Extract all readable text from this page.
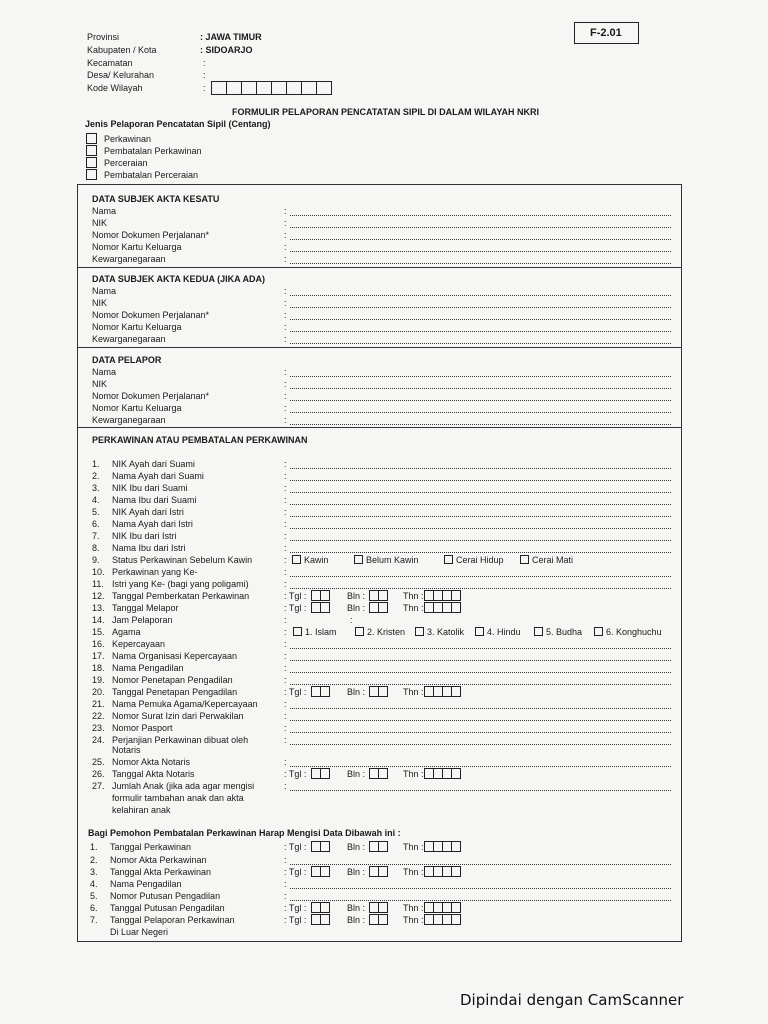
F-2.01
Provinsi	: JAWA TIMUR
Kabupaten / Kota	: SIDOARJO
Kecamatan	:
Desa/ Kelurahan	:
Kode Wilayah	:
FORMULIR PELAPORAN PENCATATAN SIPIL DI DALAM WILAYAH NKRI
Jenis Pelaporan Pencatatan Sipil (Centang)
Perkawinan
Pembatalan Perkawinan
Perceraian
Pembatalan Perceraian
DATA SUBJEK AKTA KESATU
Nama
NIK
Nomor Dokumen Perjalanan*
Nomor Kartu Keluarga
Kewarganegaraan
DATA SUBJEK AKTA KEDUA (JIKA ADA)
Nama
NIK
Nomor Dokumen Perjalanan*
Nomor Kartu Keluarga
Kewarganegaraan
DATA PELAPOR
Nama
NIK
Nomor Dokumen Perjalanan*
Nomor Kartu Keluarga
Kewarganegaraan
PERKAWINAN ATAU PEMBATALAN PERKAWINAN
Bagi Pemohon Pembatalan Perkawinan Harap Mengisi Data Dibawah ini :
Dipindai dengan CamScanner
:
:
:
:
:
:
:
:
:
:
:
:
:
:
:
1. NIK Ayah dari Suami	:
2. Nama Ayah dari Suami	:
3. NIK Ibu dari Suami	:
4. Nama Ibu dari Suami	:
5. NIK Ayah dari Istri	:
6. Nama Ayah dari Istri	:
7. NIK Ibu dari Istri	:
8. Nama Ibu dari Istri	:
9. Status Perkawinan Sebelum Kawin	: Kawin	Belum Kawin	Cerai Hidup	Cerai Mati
10. Perkawinan yang Ke-	:
11. Istri yang Ke- (bagi yang poligami)	:
12. Tanggal Pemberkatan Perkawinan	: Tgl :	Bln :	Thn :
13. Tanggal Melapor	: Tgl :	Bln :	Thn :
14. Jam Pelaporan	:	:
15. Agama	: 1. Islam	2. Kristen 3. Katolik	4. Hindu	5. Budha	6. Konghuchu
16. Kepercayaan	:
17. Nama Organisasi Kepercayaan	:
18. Nama Pengadilan	:
19. Nomor Penetapan Pengadilan	:
20. Tanggal Penetapan Pengadilan	: Tgl :	Bln :	Thn :
21. Nama Pemuka Agama/Kepercayaan	:
22. Nomor Surat Izin dari Perwakilan	:
23. Nomor Pasport	:
24. Perjanjian Perkawinan dibuat oleh	:
Notaris
25. Nomor Akta Notaris	:
26. Tanggal Akta Notaris	: Tgl :	Bln :	Thn :
27. Jumlah Anak (jika ada agar mengisi	:
formulir tambahan anak dan akta
kelahiran anak
1. Tanggal Perkawinan	: Tgl :	Bln :	Thn :
2. Nomor Akta Perkawinan	:
3. Tanggal Akta Perkawinan	: Tgl :	Bln :	Thn :
4. Nama Pengadilan	:
5. Nomor Putusan Pengadilan	:
6. Tanggal Putusan Pengadilan	: Tgl :	Bln :	Thn :
7. Tanggal Pelaporan Perkawinan	: Tgl :	Bln :	Thn :
Di Luar Negeri
